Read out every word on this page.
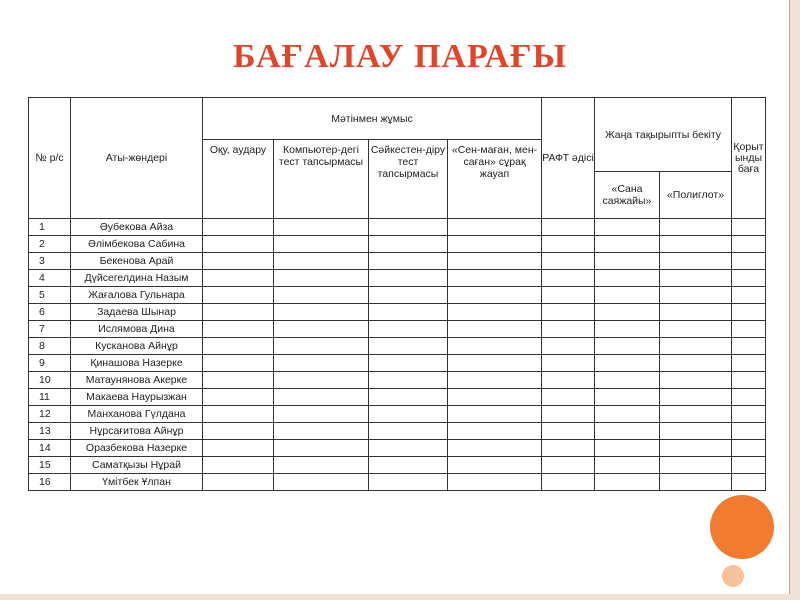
БАҒАЛАУ ПАРАҒЫ
№ р/с	Аты-жөндері	Мәтінмен жұмыс				РАФТ әдісі	Жаңа тақырыпты бекіту		Қорытынды баға
		Оқу, аудару	Компьютер-дегі тест тапсырмасы	Сәйкестен-діру тест тапсырмасы	«Сен-маған, мен-саған» сұрақ жауап				
							«Сана саяжайы»	«Полиглот»	
1	Әубекова Айза								
2	Әлімбекова Сабина								
3	Бекенова Арай								
4	Дүйсегелдина Назым								
5	Жағалова Гульнара								
6	Задаева Шынар								
7	Ислямова Дина								
8	Кусканова Айнұр								
9	Қинашова Назерке								
10	Матаунянова Акерке								
11	Макаева Наурызжан								
12	Манханова Гүлдана								
13	Нұрсағитова Айнұр								
14	Оразбекова Назерке								
15	Саматқызы Нұрай								
16	Үмітбек Ұлпан								
